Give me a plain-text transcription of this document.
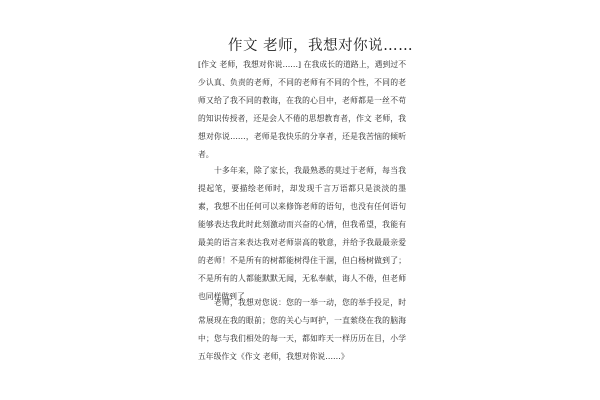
作文 老师，我想对你说……

[作文 老师，我想对你说……] 在我成长的道路上，遇到过不少认真、负责的老师，不同的老师有不同的个性，不同的老师又给了我不同的教诲，在我的心目中，老师都是一丝不苟的知识传授者，还是会人不倦的思想教育者，作文 老师，我想对你说……，老师是我快乐的分享者，还是我苦恼的倾听者。

十多年来，除了家长，我最熟悉的莫过于老师，每当我提起笔，要描绘老师时，却发现千言万语都只是淡淡的墨素，我想不出任何可以来修饰老师的语句，也没有任何语句能够表达我此时此刻激动而兴奋的心情，但我希望，我能有最美的语言来表达我对老师崇高的敬意，并给予我最最亲爱的老师！不是所有的树都能树得住干涸，但白杨树做到了；不是所有的人都能默默无闻，无私奉献，诲人不倦，但老师也同样做到了

老师，我想对您说：您的一举一动，您的举手投足，时常展现在我的眼前；您的关心与呵护，一直萦绕在我的脑海中；您与我们相处的每一天，都如昨天一样历历在目，小学五年级作文《作文 老师，我想对你说……》
